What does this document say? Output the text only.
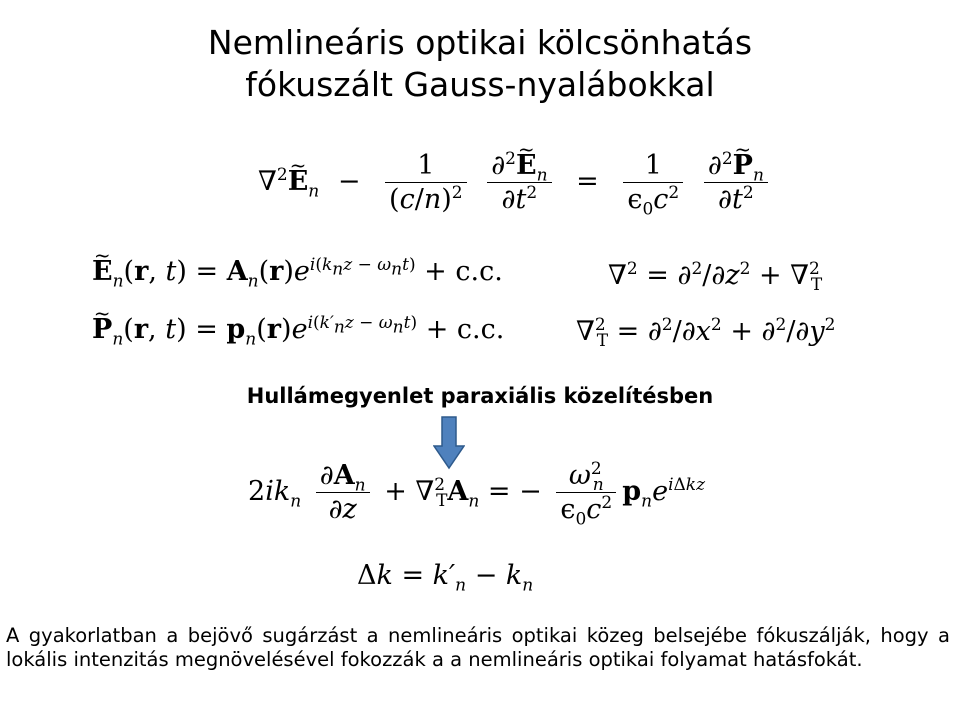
Nemlineáris optikai kölcsönhatás
fókuszált Gauss-nyalábokkal
∇$^2$~ $E_n - \frac{1}{(c/n)^2}$
$\frac{\partial^2\sim E_n}{\partial t^2} = \frac{1}{\epsilon_0c^2}$
$\frac{\partial^2\sim P_n}{\partial t^2}$
~ $E_n(r$, $t) = A_n(r)e^{i(k_nz - \omega_nt)} + c.c$.
~ $P_n(r$, $t) = p_n(r)e^{i(k'_nz - \omega_nt)} + c.c$.
$\nabla^2 = \partial^2/\partial z^2 + \nabla^2_T$
$\nabla^2_T = \partial^2/\partial x^2 + \partial^2/\partial y^2$
Hullámegyenlet paraxiális közelítésben
$2ik_n \frac{\partial A_n}{\partial z} + \nabla^2_TA_n$ = − $\frac{\omega^2_n}{\epsilon_0c^2} p_ne^{i\Delta kz}$
$\Delta k = k'_n - k_n$
A gyakorlatban a bejövő sugárzást a nemlineáris optikai közeg belsejébe fókuszálják, hogy a lokális intenzitás megnövelésével fokozzák a a nemlineáris optikai folyamat hatásfokát.
